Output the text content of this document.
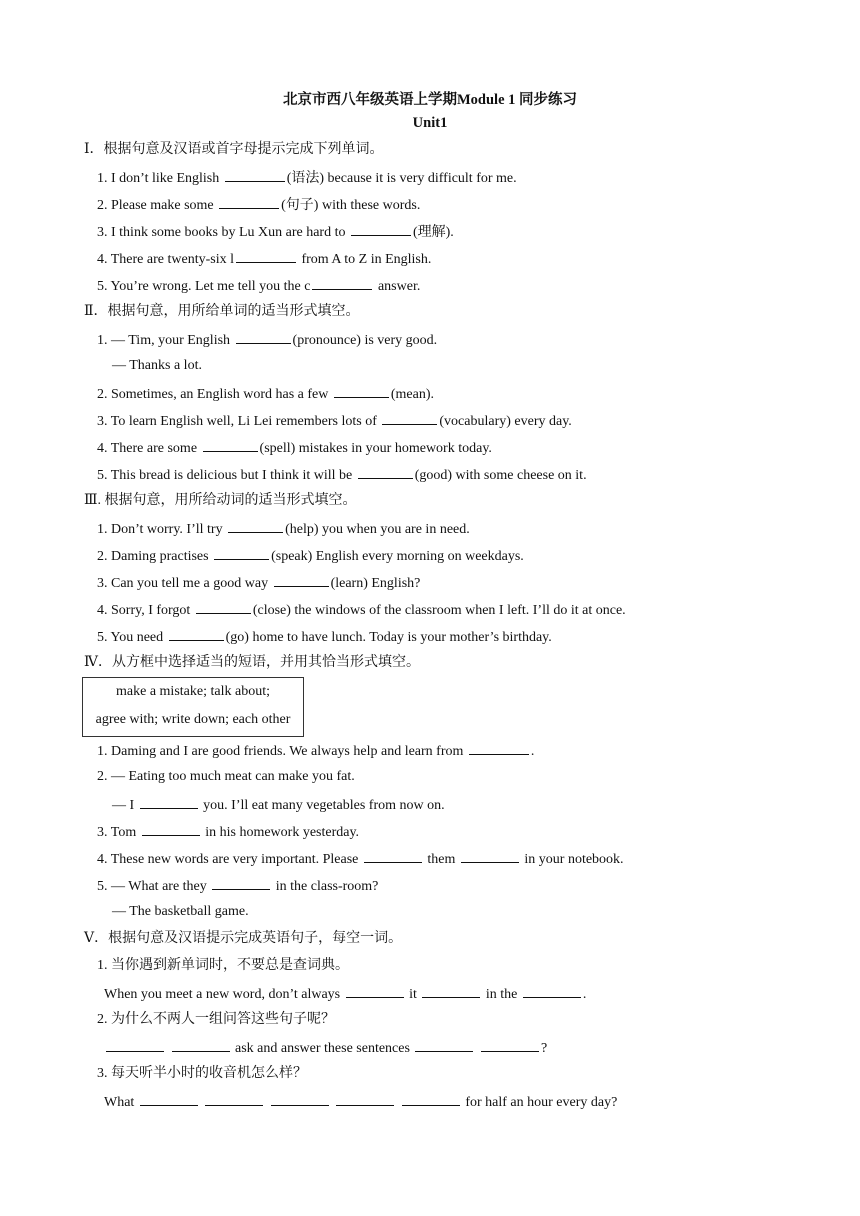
北京市西八年级英语上学期Module 1 同步练习
Unit1
Ⅰ．根据句意及汉语或首字母提示完成下列单词。
1. I don’t like English	(语法) because it is very difficult for me.
2. Please make some	(句子) with these words.
3. I think some books by Lu Xun are hard to	(理解).
4. There are twenty-six l	from A to Z in English.
5. You’re wrong. Let me tell you the c	answer.
Ⅱ．根据句意，用所给单词的适当形式填空。
1. — Tim, your English	(pronounce) is very good.
— Thanks a lot.
2. Sometimes, an English word has a few	(mean).
3. To learn English well, Li Lei remembers lots of	(vocabulary) every day.
4. There are some	(spell) mistakes in your homework today.
5. This bread is delicious but I think it will be	(good) with some cheese on it.
Ⅲ. 根据句意，用所给动词的适当形式填空。
1. Don’t worry. I’ll try	(help) you when you are in need.
2. Daming practises	(speak) English every morning on weekdays.
3. Can you tell me a good way	(learn) English?
4. Sorry, I forgot	(close) the windows of the classroom when I left. I’ll do it at once.
5. You need	(go) home to have lunch. Today is your mother’s birthday.
Ⅳ．从方框中选择适当的短语，并用其恰当形式填空。
make a mistake; talk about;
agree with; write down; each other
1. Daming and I are good friends. We always help and learn from	.
2. — Eating too much meat can make you fat.
— I	you. I’ll eat many vegetables from now on.
3. Tom	in his homework yesterday.
4. These new words are very important. Please	them	in your notebook.
5. — What are they	in the class-room?
— The basketball game.
Ⅴ．根据句意及汉语提示完成英语句子，每空一词。
1. 当你遇到新单词时，不要总是查词典。
When you meet a new word, don’t always	it	in the	.
2. 为什么不两人一组问答这些句子呢？
ask and answer these sentences	?
3. 每天听半小时的收音机怎么样？
What	for half an hour every day?
